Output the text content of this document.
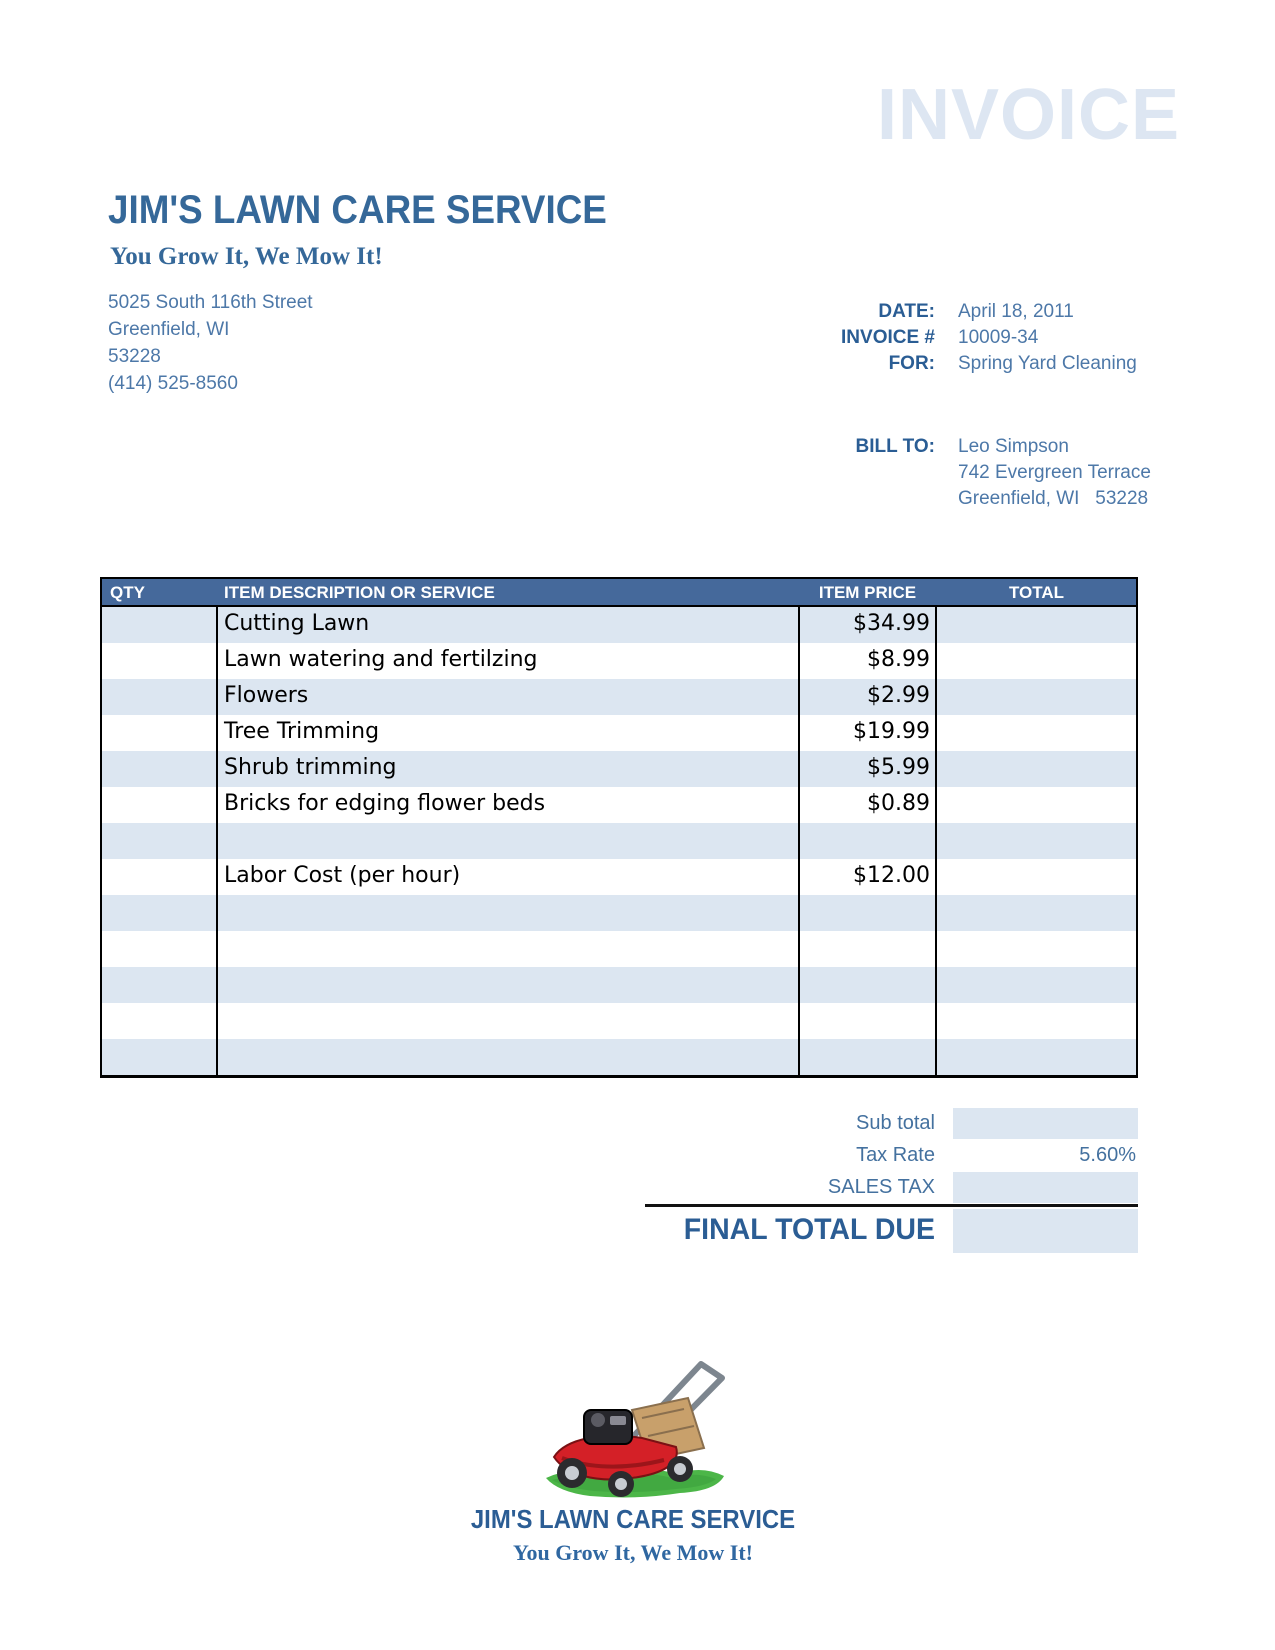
INVOICE
JIM'S LAWN CARE SERVICE
You Grow It, We Mow It!
5025 South 116th Street
Greenfield, WI
53228
(414) 525-8560
DATE: April 18, 2011
INVOICE # 10009-34
FOR: Spring Yard Cleaning
BILL TO: Leo Simpson
742 Evergreen Terrace
Greenfield, WI   53228
QTY	ITEM DESCRIPTION OR SERVICE	ITEM PRICE	TOTAL
Cutting Lawn	$34.99
Lawn watering and fertilzing	$8.99
Flowers	$2.99
Tree Trimming	$19.99
Shrub trimming	$5.99
Bricks for edging flower beds	$0.89
Labor Cost (per hour)	$12.00
Sub total
Tax Rate	5.60%
SALES TAX
FINAL TOTAL DUE
JIM'S LAWN CARE SERVICE
You Grow It, We Mow It!
